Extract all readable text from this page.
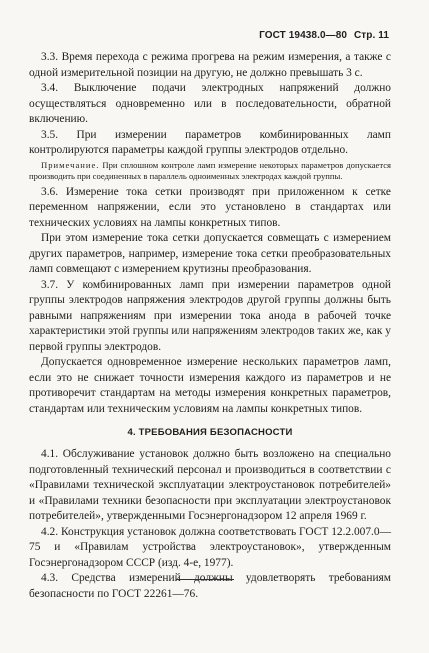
ГОСТ 19438.0—80 Стр. 11

3.3. Время перехода с режима прогрева на режим измерения, а также с одной измерительной позиции на другую, не должно превышать 3 с.

3.4. Выключение подачи электродных напряжений должно осуществляться одновременно или в последовательности, обратной включению.

3.5. При измерении параметров комбинированных ламп контролируются параметры каждой группы электродов отдельно.

Примечание. При сплошном контроле ламп измерение некоторых параметров допускается производить при соединенных в параллель одноименных электродах каждой группы.

3.6. Измерение тока сетки производят при приложенном к сетке переменном напряжении, если это установлено в стандартах или технических условиях на лампы конкретных типов.

При этом измерение тока сетки допускается совмещать с измерением других параметров, например, измерение тока сетки преобразовательных ламп совмещают с измерением крутизны преобразования.

3.7. У комбинированных ламп при измерении параметров одной группы электродов напряжения электродов другой группы должны быть равными напряжениям при измерении тока анода в рабочей точке характеристики этой группы или напряжениям электродов таких же, как у первой группы электродов.

Допускается одновременное измерение нескольких параметров ламп, если это не снижает точности измерения каждого из параметров и не противоречит стандартам на методы измерения конкретных параметров, стандартам или техническим условиям на лампы конкретных типов.

4. ТРЕБОВАНИЯ БЕЗОПАСНОСТИ

4.1. Обслуживание установок должно быть возложено на специально подготовленный технический персонал и производиться в соответствии с «Правилами технической эксплуатации электроустановок потребителей» и «Правилами техники безопасности при эксплуатации электроустановок потребителей», утвержденными Госэнергонадзором 12 апреля 1969 г.

4.2. Конструкция установок должна соответствовать ГОСТ 12.2.007.0—75 и «Правилам устройства электроустановок», утвержденным Госэнергонадзором СССР (изд. 4-е, 1977).

4.3. Средства измерений должны удовлетворять требованиям безопасности по ГОСТ 22261—76.
